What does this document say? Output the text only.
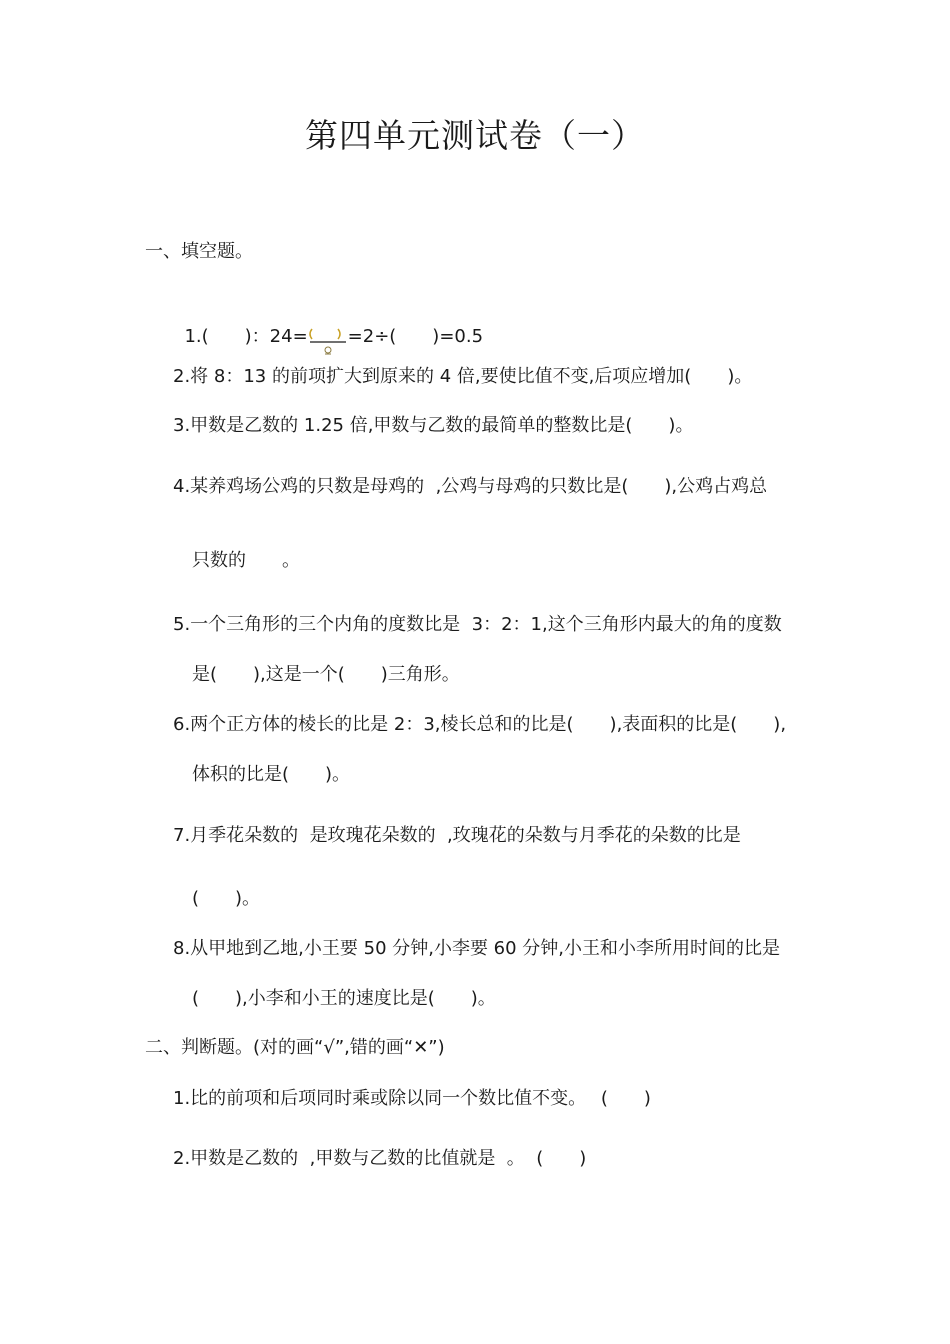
第四单元测试卷（一）
一、填空题。

1.(　　)：24= =2÷(　　)=0.5

2.将 8：13 的前项扩大到原来的 4 倍,要使比值不变,后项应增加(　　)。
3.甲数是乙数的 1.25 倍,甲数与乙数的最简单的整数比是(　　)。
4.某养鸡场公鸡的只数是母鸡的  ,公鸡与母鸡的只数比是(　　),公鸡占鸡总
只数的　　。
5.一个三角形的三个内角的度数比是  3：2：1,这个三角形内最大的角的度数
是(　　),这是一个(　　)三角形。
6.两个正方体的棱长的比是 2：3,棱长总和的比是(　　),表面积的比是(　　),
体积的比是(　　)。
7.月季花朵数的  是玫瑰花朵数的  ,玫瑰花的朵数与月季花的朵数的比是
(　　)。
8.从甲地到乙地,小王要 50 分钟,小李要 60 分钟,小王和小李所用时间的比是
(　　),小李和小王的速度比是(　　)。
二、判断题。(对的画“√”,错的画“✕”)
1.比的前项和后项同时乘或除以同一个数比值不变。　 (　　)
2.甲数是乙数的  ,甲数与乙数的比值就是  。  (　　)
